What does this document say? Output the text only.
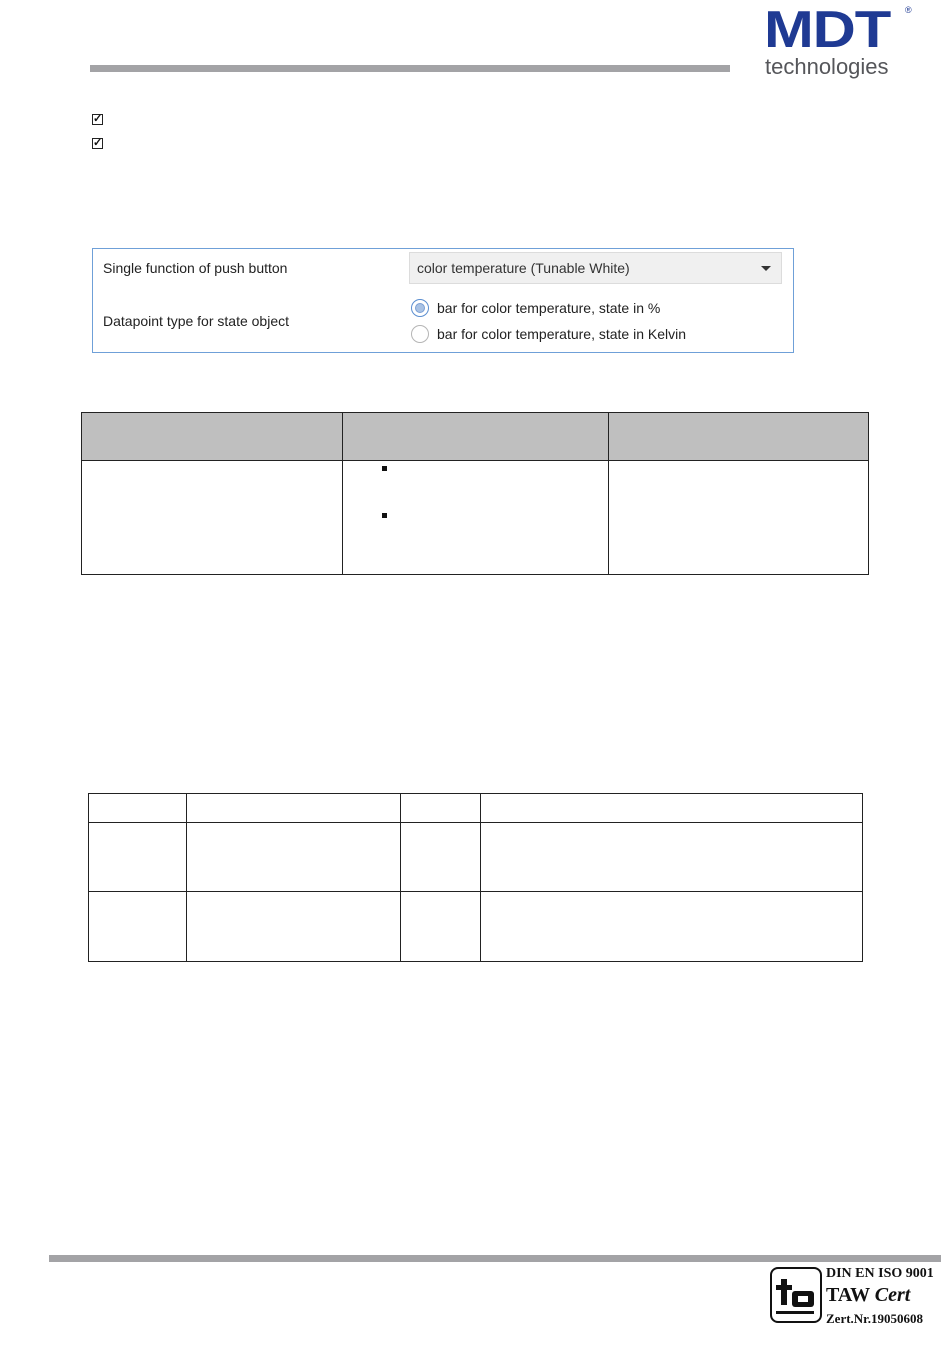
MDT ®
technologies
✓
✓
Single function of push button	color temperature (Tunable White)
Datapoint type for state object
bar for color temperature, state in %
bar for color temperature, state in Kelvin
DIN EN ISO 9001
TAW Cert
Zert.Nr.19050608
